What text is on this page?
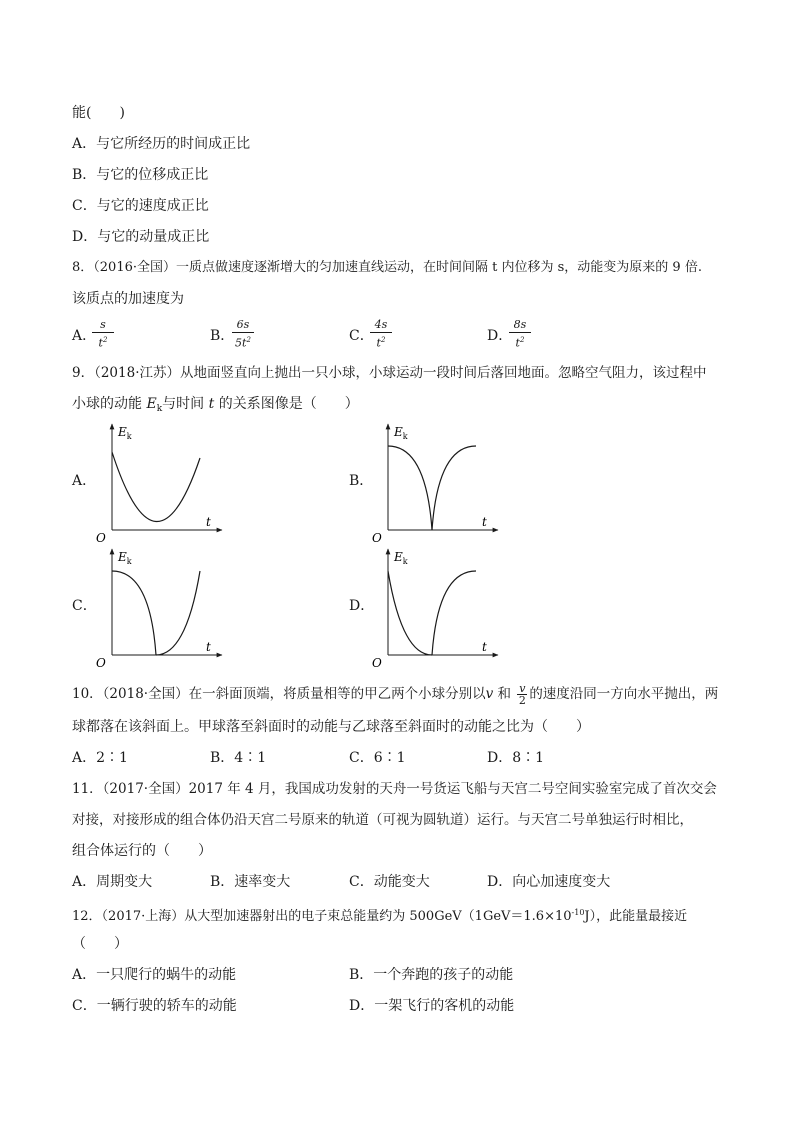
能(　　)
A．与它所经历的时间成正比
B．与它的位移成正比
C．与它的速度成正比
D．与它的动量成正比
8．（2016·全国）一质点做速度逐渐增大的匀加速直线运动，在时间间隔 t 内位移为 s，动能变为原来的 9 倍.
该质点的加速度为
A．
s
$t^2$	B．
6s
$5t^2$	C．
4s
$t^2$	D．
8s
$t^2$
9．（2018·江苏）从地面竖直向上抛出一只小球，小球运动一段时间后落回地面。忽略空气阻力，该过程中
小球的动能 $E_k$与时间 t 的关系图像是（　　）
A．
$E_k$
t
O
B．
$E_k$
t
O
C．
$E_k$
t
O
D．
$E_k$
t
O
10．（2018·全国）在一斜面顶端，将质量相等的甲乙两个小球分别以v 和 $\frac{v}{2}$ 的速度沿同一方向水平抛出，两
球都落在该斜面上。甲球落至斜面时的动能与乙球落至斜面时的动能之比为（　　）
A．2∶1	B．4∶1	C．6∶1	D．8∶1
11．（2017·全国）2017 年 4 月，我国成功发射的天舟一号货运飞船与天宫二号空间实验室完成了首次交会
对接，对接形成的组合体仍沿天宫二号原来的轨道（可视为圆轨道）运行。与天宫二号单独运行时相比，
组合体运行的（　　）
A．周期变大	B．速率变大	C．动能变大	D．向心加速度变大
12．（2017·上海）从大型加速器射出的电子束总能量约为 $500GeV(1GeV=1.6\times 10^{-10}J)$，此能量最接近
（　　）
A．一只爬行的蜗牛的动能	B．一个奔跑的孩子的动能
C．一辆行驶的轿车的动能	D．一架飞行的客机的动能
